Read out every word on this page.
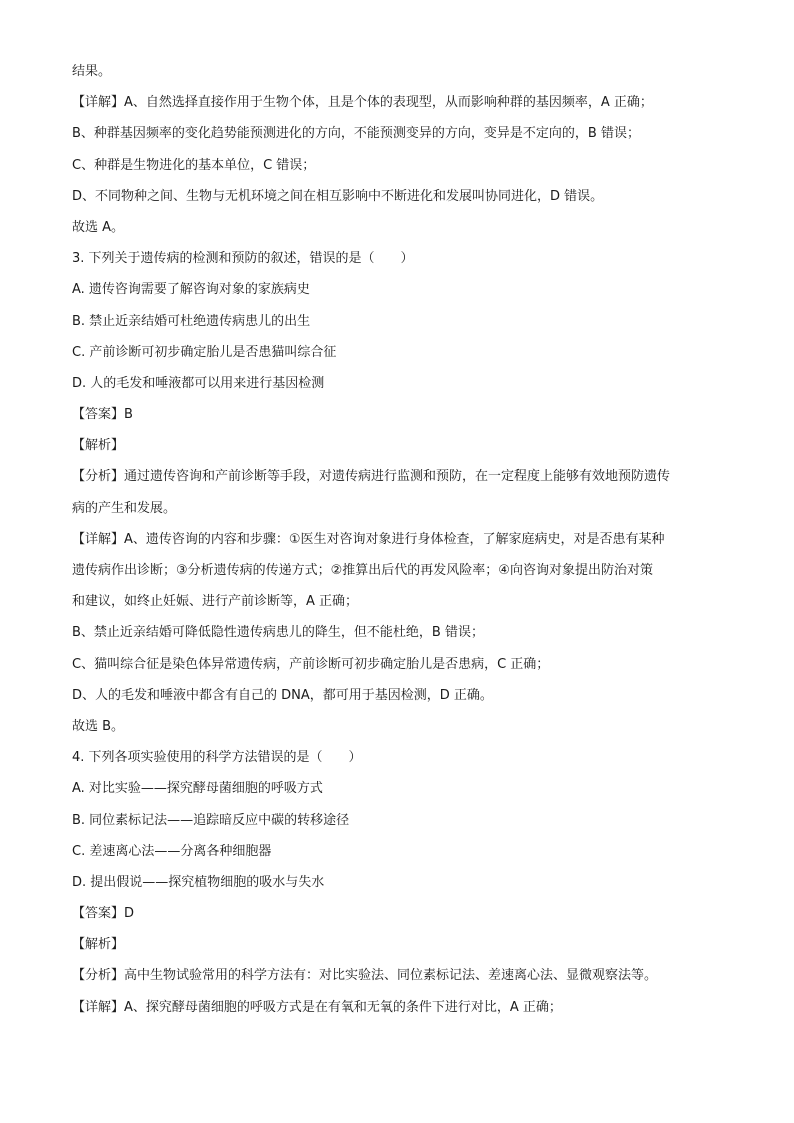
结果。
【详解】A、自然选择直接作用于生物个体，且是个体的表现型，从而影响种群的基因频率，A 正确；
B、种群基因频率的变化趋势能预测进化的方向，不能预测变异的方向，变异是不定向的，B 错误；
C、种群是生物进化的基本单位，C 错误；
D、不同物种之间、生物与无机环境之间在相互影响中不断进化和发展叫协同进化，D 错误。
故选 A。
3. 下列关于遗传病的检测和预防的叙述，错误的是（　　）
A. 遗传咨询需要了解咨询对象的家族病史
B. 禁止近亲结婚可杜绝遗传病患儿的出生
C. 产前诊断可初步确定胎儿是否患猫叫综合征
D. 人的毛发和唾液都可以用来进行基因检测
【答案】B
【解析】
【分析】通过遗传咨询和产前诊断等手段，对遗传病进行监测和预防，在一定程度上能够有效地预防遗传
病的产生和发展。
【详解】A、遗传咨询的内容和步骤：①医生对咨询对象进行身体检查，了解家庭病史，对是否患有某种
遗传病作出诊断；③分析遗传病的传递方式；②推算出后代的再发风险率；④向咨询对象提出防治对策
和建议，如终止妊娠、进行产前诊断等，A 正确；
B、禁止近亲结婚可降低隐性遗传病患儿的降生，但不能杜绝，B 错误；
C、猫叫综合征是染色体异常遗传病，产前诊断可初步确定胎儿是否患病，C 正确；
D、人的毛发和唾液中都含有自己的 DNA，都可用于基因检测，D 正确。
故选 B。
4. 下列各项实验使用的科学方法错误的是（　　）
A. 对比实验——探究酵母菌细胞的呼吸方式
B. 同位素标记法——追踪暗反应中碳的转移途径
C. 差速离心法——分离各种细胞器
D. 提出假说——探究植物细胞的吸水与失水
【答案】D
【解析】
【分析】高中生物试验常用的科学方法有：对比实验法、同位素标记法、差速离心法、显微观察法等。
【详解】A、探究酵母菌细胞的呼吸方式是在有氧和无氧的条件下进行对比，A 正确；
